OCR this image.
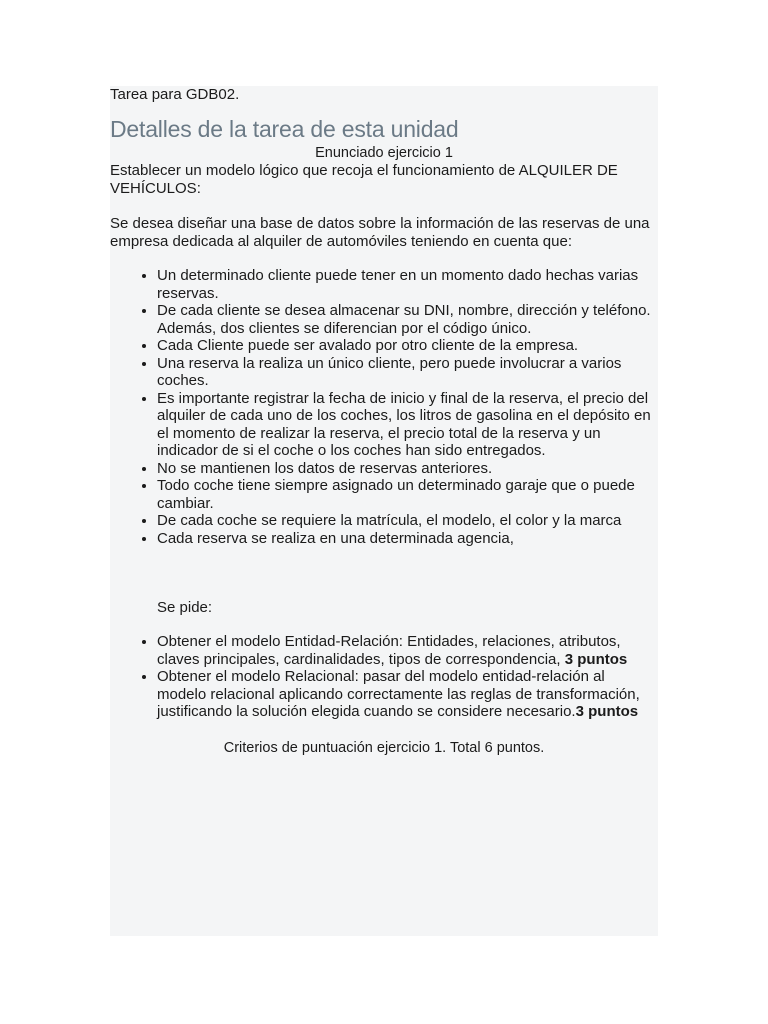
Tarea para GDB02.

Detalles de la tarea de esta unidad

Enunciado ejercicio 1

Establecer un modelo lógico que recoja el funcionamiento de ALQUILER DE VEHÍCULOS:

Se desea diseñar una base de datos sobre la información de las reservas de una empresa dedicada al alquiler de automóviles teniendo en cuenta que:

• Un determinado cliente puede tener en un momento dado hechas varias reservas.
• De cada cliente se desea almacenar su DNI, nombre, dirección y teléfono. Además, dos clientes se diferencian por el código único.
• Cada Cliente puede ser avalado por otro cliente de la empresa.
• Una reserva la realiza un único cliente, pero puede involucrar a varios coches.
• Es importante registrar la fecha de inicio y final de la reserva, el precio del alquiler de cada uno de los coches, los litros de gasolina en el depósito en el momento de realizar la reserva, el precio total de la reserva y un indicador de si el coche o los coches han sido entregados.
• No se mantienen los datos de reservas anteriores.
• Todo coche tiene siempre asignado un determinado garaje que o puede cambiar.
• De cada coche se requiere la matrícula, el modelo, el color y la marca
• Cada reserva se realiza en una determinada agencia,

Se pide:

• Obtener el modelo Entidad-Relación: Entidades, relaciones, atributos, claves principales, cardinalidades, tipos de correspondencia, 3 puntos
• Obtener el modelo Relacional: pasar del modelo entidad-relación al modelo relacional aplicando correctamente las reglas de transformación, justificando la solución elegida cuando se considere necesario.3 puntos

Criterios de puntuación ejercicio 1. Total 6 puntos.
